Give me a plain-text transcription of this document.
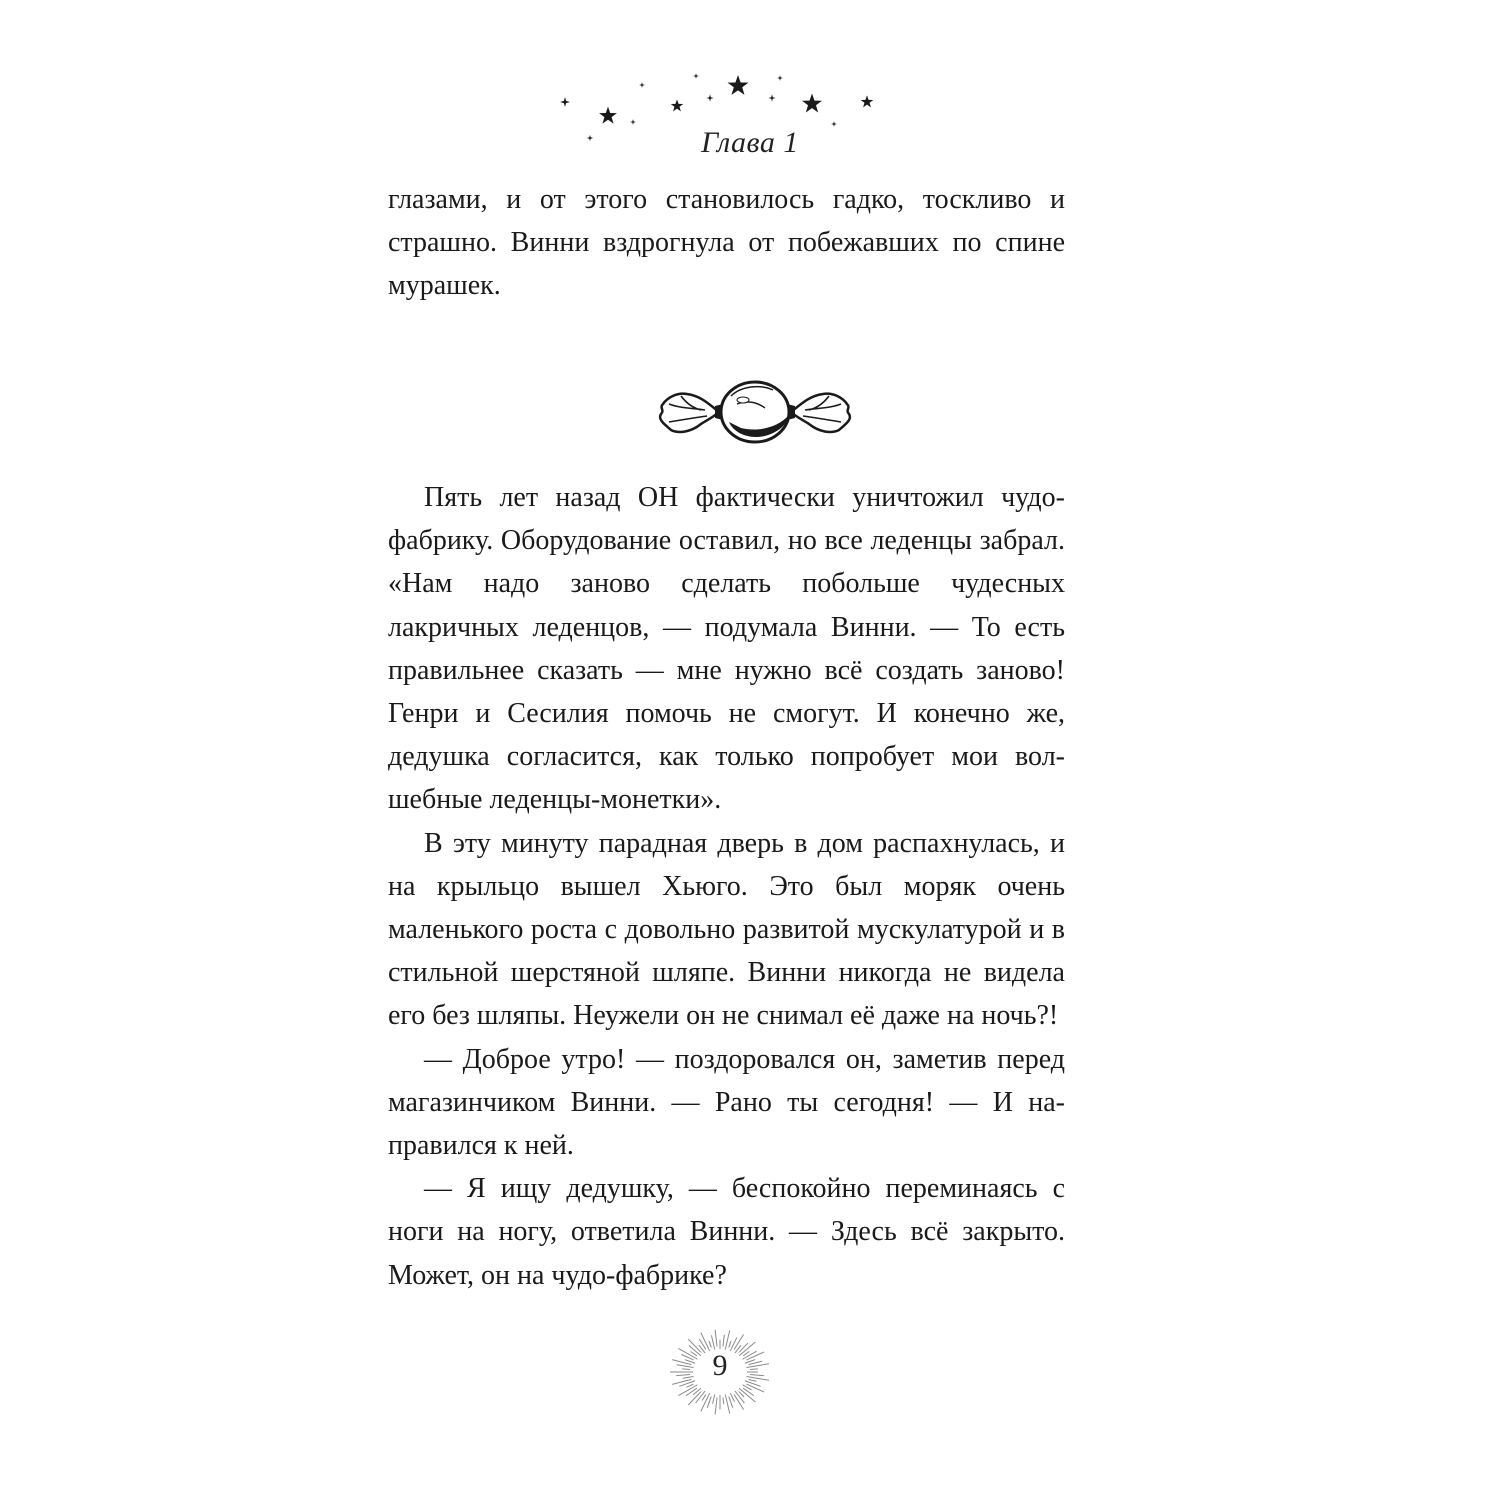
Глава 1

глазами, и от этого становилось гадко, тоскливо и страшно. Винни вздрогнула от побежавших по спине мурашек.

Пять лет назад ОН фактически уничтожил чудо-фабрику. Оборудование оставил, но все леденцы забрал. «Нам надо заново сделать побольше чудесных лакричных леденцов, — подумала Винни. — То есть правильнее сказать — мне нужно всё создать заново! Генри и Сесилия помочь не смогут. И конечно же, дедушка согласится, как только попробует мои волшебные леденцы-монетки».

В эту минуту парадная дверь в дом распахнулась, и на крыльцо вышел Хьюго. Это был моряк очень маленького роста с довольно развитой мускулатурой и в стильной шерстяной шляпе. Винни никогда не видела его без шляпы. Неужели он не снимал её даже на ночь?!

— Доброе утро! — поздоровался он, заметив перед магазинчиком Винни. — Рано ты сегодня! — И направился к ней.

— Я ищу дедушку, — беспокойно переминаясь с ноги на ногу, ответила Винни. — Здесь всё закрыто. Может, он на чудо-фабрике?

9
